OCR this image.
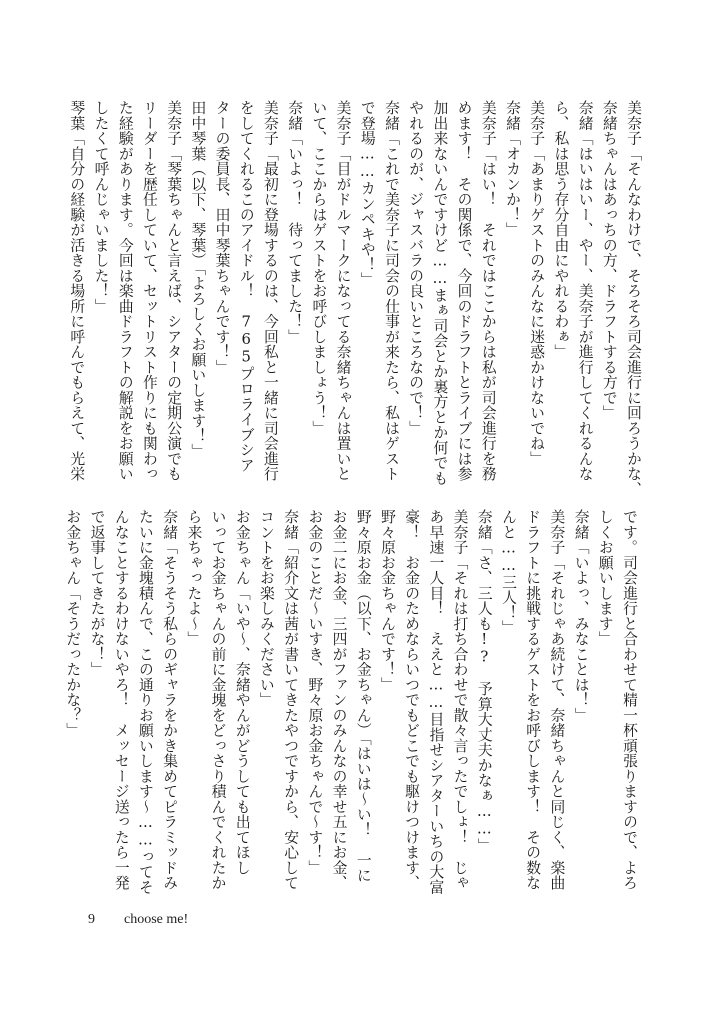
美奈子「そんなわけで、そろそろ司会進行に回ろうかな、
奈緒ちゃんはあっちの方、ドラフトする方で」
奈緒「はいはいー、やー、美奈子が進行してくれるんな
ら、私は思う存分自由にやれるわぁ」
美奈子「あまりゲストのみんなに迷惑かけないでね」
奈緒「オカンか！」
美奈子「はい！　それではここからは私が司会進行を務
めます！　その関係で、今回のドラフトとライブには参
加出来ないんですけど……まぁ司会とか裏方とか何でも
やれるのが、ジャスバラの良いところなので！」
奈緒「これで美奈子に司会の仕事が来たら、私はゲスト
で登場……カンペキや！」
美奈子「目がドルマークになってる奈緒ちゃんは置いと
いて、ここからはゲストをお呼びしましょう！」
奈緒「いよっ！　待ってました！」
美奈子「最初に登場するのは、今回私と一緒に司会進行
をしてくれるこのアイドル！　765プロライブシア
ターの委員長、田中琴葉ちゃんです！」
田中琴葉（以下、琴葉）「よろしくお願いします！」
美奈子「琴葉ちゃんと言えば、シアターの定期公演でも
リーダーを歴任していて、セットリスト作りにも関わっ
た経験があります。今回は楽曲ドラフトの解説をお願い
したくて呼んじゃいました！」
琴葉「自分の経験が活きる場所に呼んでもらえて、光栄
です。司会進行と合わせて精一杯頑張りますので、よろ
しくお願いします」
奈緒「いよっ、みなことは！」
美奈子「それじゃあ続けて、奈緒ちゃんと同じく、楽曲
ドラフトに挑戦するゲストをお呼びします！　その数な
んと……三人！」
奈緒「さ、三人も!?　予算大丈夫かなぁ……」
美奈子「それは打ち合わせで散々言ったでしょ！　じゃ
あ早速一人目！　ええと……目指せシアターいちの大富
豪！　お金のためならいつでもどこでも駆けつけます、
野々原お金ちゃんです！」
野々原お金（以下、お金ちゃん）「はいは～い！　一に
お金二にお金、三四がファンのみんなの幸せ五にお金、
お金のことだ～いすき、野々原お金ちゃんで～す！」
奈緒「紹介文は茜が書いてきたやつですから、安心して
コントをお楽しみください」
お金ちゃん「いや～、奈緒やんがどうしても出てほし
いってお金ちゃんの前に金塊をどっさり積んでくれたか
ら来ちゃったよ～」
奈緒「そうそう私らのギャラをかき集めてピラミッドみ
たいに金塊積んで、この通りお願いします～……ってそ
んなことするわけないやろ！　メッセージ送ったら一発
で返事してきたがな！」
お金ちゃん「そうだったかな？」
9 choose me!
